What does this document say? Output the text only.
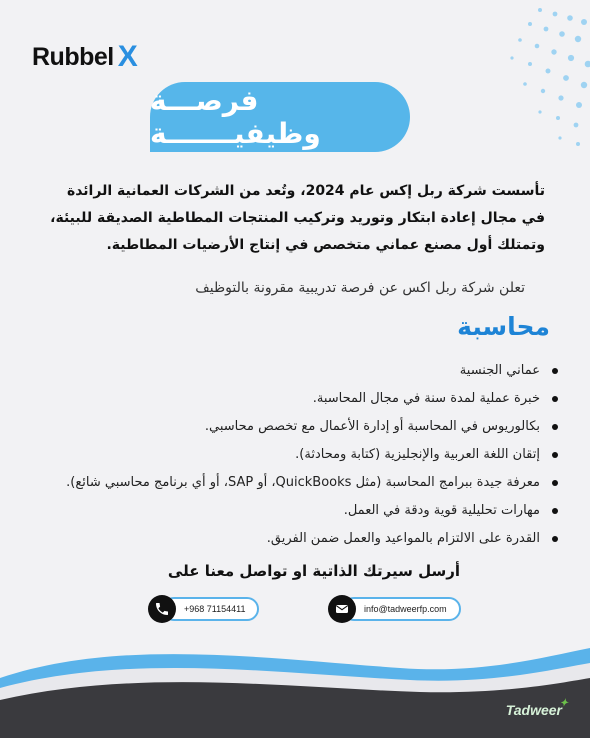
Rubbel X
فرصـــة وظيفيـــــــة
تأسست شركة ربل إكس عام 2024، وتُعد من الشركات العمانية الرائدة في مجال إعادة ابتكار وتوريد وتركيب المنتجات المطاطية الصديقة للبيئة، وتمتلك أول مصنع عماني متخصص في إنتاج الأرضيات المطاطية.
تعلن شركة ربل اكس عن فرصة تدريبية مقرونة بالتوظيف
محاسبة
عماني الجنسية
خبرة عملية لمدة سنة في مجال المحاسبة.
بكالوريوس في المحاسبة أو إدارة الأعمال مع تخصص محاسبي.
إتقان اللغة العربية والإنجليزية (كتابة ومحادثة).
معرفة جيدة ببرامج المحاسبة (مثل QuickBooks، أو SAP، أو أي برنامج محاسبي شائع).
مهارات تحليلية قوية ودقة في العمل.
القدرة على الالتزام بالمواعيد والعمل ضمن الفريق.
أرسل سيرتك الذاتية او تواصل معنا على
+968 71154411	info@tadweerfp.com
Tadweer
✦
